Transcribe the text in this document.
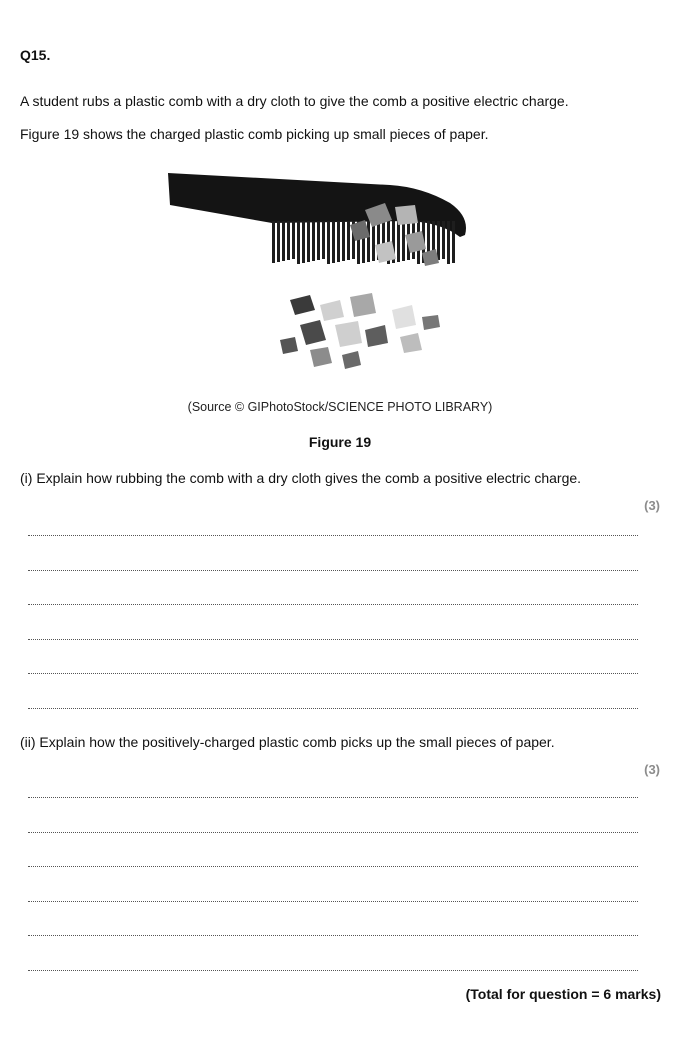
Q15.
A student rubs a plastic comb with a dry cloth to give the comb a positive electric charge.
Figure 19 shows the charged plastic comb picking up small pieces of paper.
(Source © GIPhotoStock/SCIENCE PHOTO LIBRARY)
Figure 19
(i) Explain how rubbing the comb with a dry cloth gives the comb a positive electric charge.
(3)
(ii) Explain how the positively-charged plastic comb picks up the small pieces of paper.
(3)
(Total for question = 6 marks)
